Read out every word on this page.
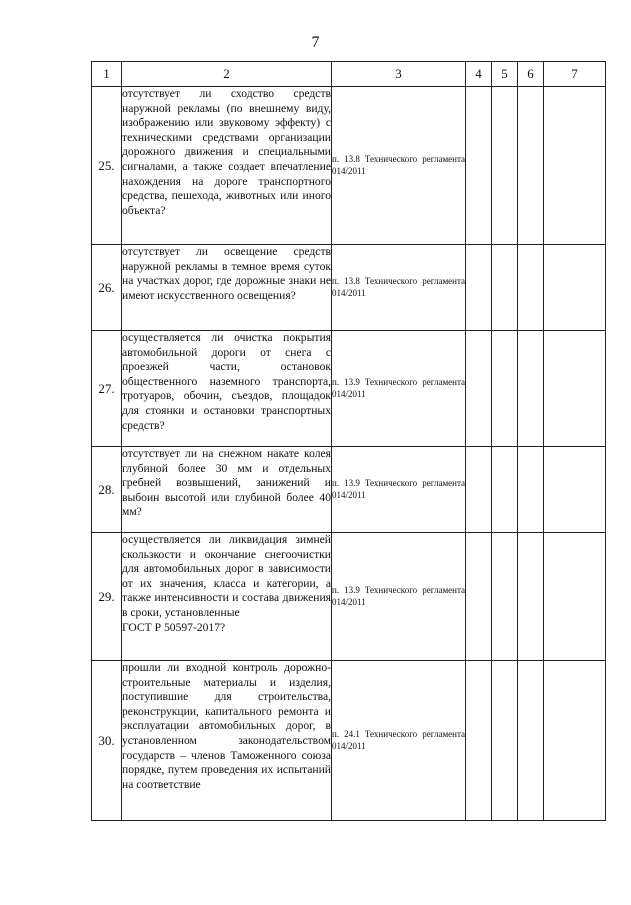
7
1	2	3	4	5	6	7
25.	отсутствует ли сходство средств наружной рекламы (по внешнему виду, изображению или звуковому эффекту) с техническими средствами организации дорожного движения и специальными сигналами, а также создает впечатление нахождения на дороге транспортного средства, пешехода, животных или иного объекта?	п. 13.8 Технического регламента 014/2011				

26.	отсутствует ли освещение средств наружной рекламы в темное время суток на участках дорог, где дорожные знаки не имеют искусственного освещения?	п. 13.8 Технического регламента 014/2011				

27.	осуществляется ли очистка покрытия автомобильной дороги от снега с проезжей части, остановок общественного наземного транспорта, тротуаров, обочин, съездов, площадок для стоянки и остановки транспортных средств?	п. 13.9 Технического регламента 014/2011				

28.	отсутствует ли на снежном накате колея глубиной более 30 мм и отдельных гребней возвышений, занижений и выбоин высотой или глубиной более 40 мм?	п. 13.9 Технического регламента 014/2011				

29.	осуществляется ли ликвидация зимней скользкости и окончание снегоочистки для автомобильных дорог в зависимости от их значения, класса и категории, а также интенсивности и состава движения в сроки, установленные
ГОСТ Р 50597-2017?	п. 13.9 Технического регламента 014/2011				

30.	прошли ли входной контроль дорожно-строительные материалы и изделия, поступившие для строительства, реконструкции, капитального ремонта и эксплуатации автомобильных дорог, в установленном законодательством государств – членов Таможенного союза порядке, путем проведения их испытаний на соответствие	п. 24.1 Технического регламента 014/2011				
